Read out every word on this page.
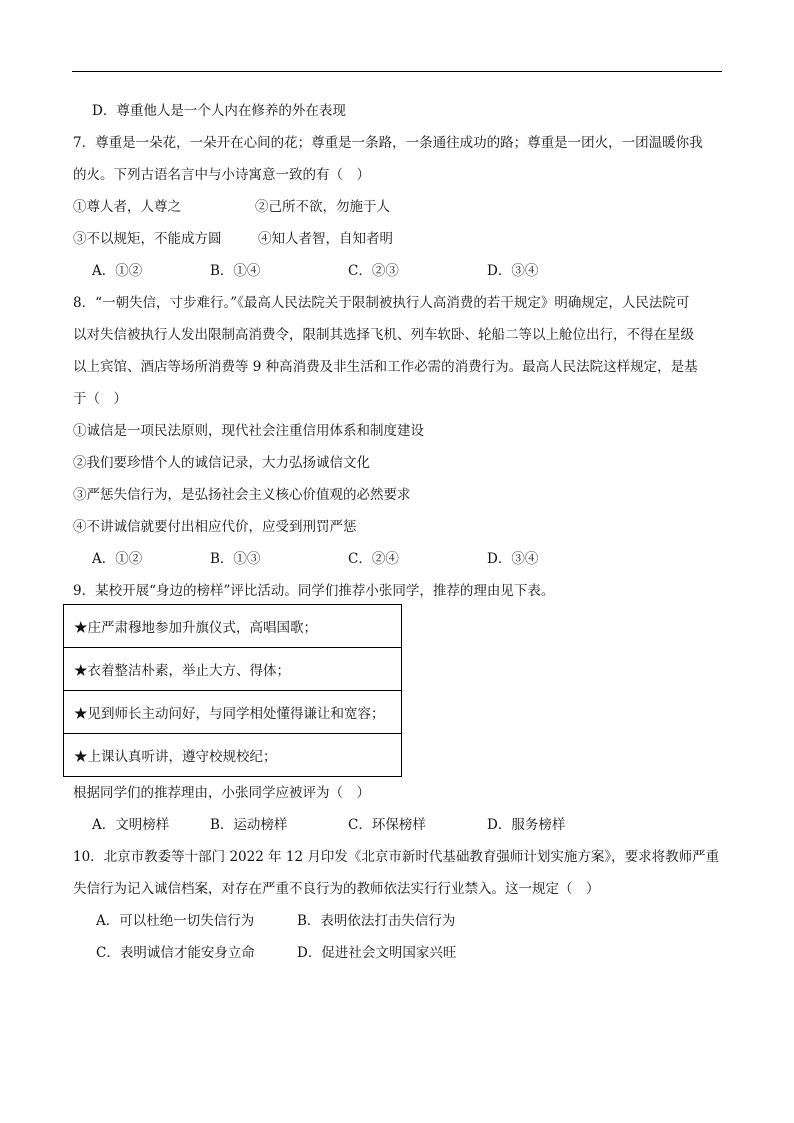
D．尊重他人是一个人内在修养的外在表现
7．尊重是一朵花，一朵开在心间的花；尊重是一条路，一条通往成功的路；尊重是一团火，一团温暖你我
的火。下列古语名言中与小诗寓意一致的有（　）
①尊人者，人尊之	②己所不欲，勿施于人
③不以规矩，不能成方圆	④知人者智，自知者明
A．①②	B．①④	C．②③	D．③④
8．“一朝失信，寸步难行。”《最高人民法院关于限制被执行人高消费的若干规定》明确规定，人民法院可
以对失信被执行人发出限制高消费令，限制其选择飞机、列车软卧、轮船二等以上舱位出行，不得在星级
以上宾馆、酒店等场所消费等 9 种高消费及非生活和工作必需的消费行为。最高人民法院这样规定，是基
于（　）
①诚信是一项民法原则，现代社会注重信用体系和制度建设
②我们要珍惜个人的诚信记录，大力弘扬诚信文化
③严惩失信行为，是弘扬社会主义核心价值观的必然要求
④不讲诚信就要付出相应代价，应受到刑罚严惩
A．①②	B．①③	C．②④	D．③④
9．某校开展“身边的榜样”评比活动。同学们推荐小张同学，推荐的理由见下表。
★庄严肃穆地参加升旗仪式，高唱国歌；
★衣着整洁朴素，举止大方、得体；
★见到师长主动问好，与同学相处懂得谦让和宽容；
★上课认真听讲，遵守校规校纪；
根据同学们的推荐理由，小张同学应被评为（　）
A．文明榜样	B．运动榜样	C．环保榜样	D．服务榜样
10．北京市教委等十部门 2022 年 12 月印发《北京市新时代基础教育强师计划实施方案》，要求将教师严重
失信行为记入诚信档案，对存在严重不良行为的教师依法实行行业禁入。这一规定（　）
A．可以杜绝一切失信行为	B．表明依法打击失信行为
C．表明诚信才能安身立命	D．促进社会文明国家兴旺
